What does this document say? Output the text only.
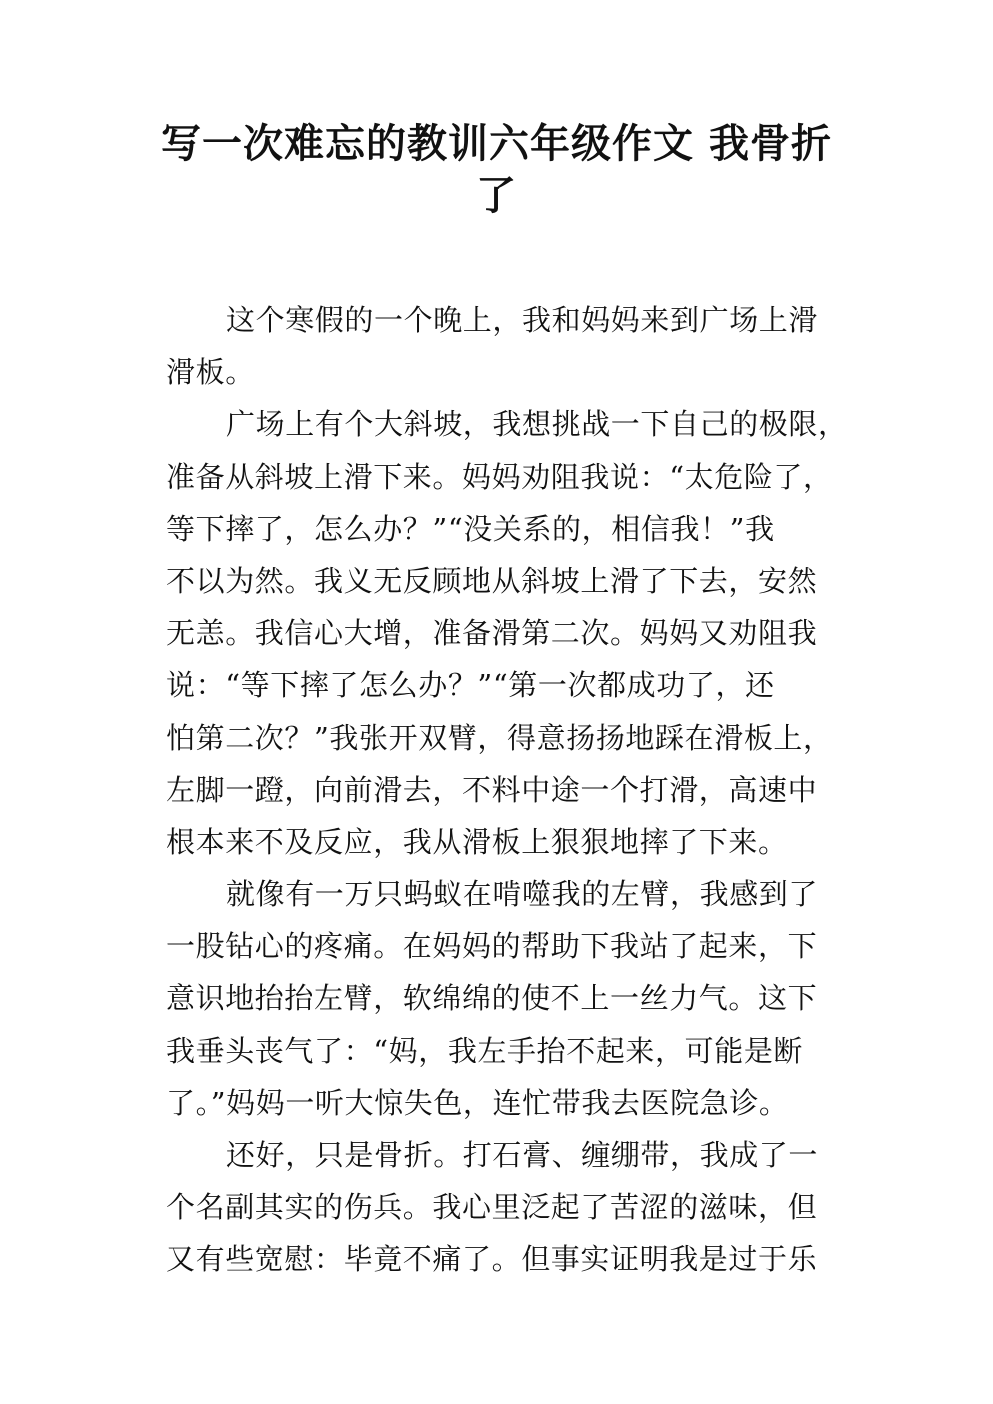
写一次难忘的教训六年级作文 我骨折
了
这个寒假的一个晚上，我和妈妈来到广场上滑
滑板。
广场上有个大斜坡，我想挑战一下自己的极限，
准备从斜坡上滑下来。妈妈劝阻我说：“太危险了，
等下摔了，怎么办？”“没关系的，相信我！”我
不以为然。我义无反顾地从斜坡上滑了下去，安然
无恙。我信心大增，准备滑第二次。妈妈又劝阻我
说：“等下摔了怎么办？”“第一次都成功了，还
怕第二次？”我张开双臂，得意扬扬地踩在滑板上，
左脚一蹬，向前滑去，不料中途一个打滑，高速中
根本来不及反应，我从滑板上狠狠地摔了下来。
就像有一万只蚂蚁在啃噬我的左臂，我感到了
一股钻心的疼痛。在妈妈的帮助下我站了起来，下
意识地抬抬左臂，软绵绵的使不上一丝力气。这下
我垂头丧气了：“妈，我左手抬不起来，可能是断
了。”妈妈一听大惊失色，连忙带我去医院急诊。
还好，只是骨折。打石膏、缠绷带，我成了一
个名副其实的伤兵。我心里泛起了苦涩的滋味，但
又有些宽慰：毕竟不痛了。但事实证明我是过于乐
